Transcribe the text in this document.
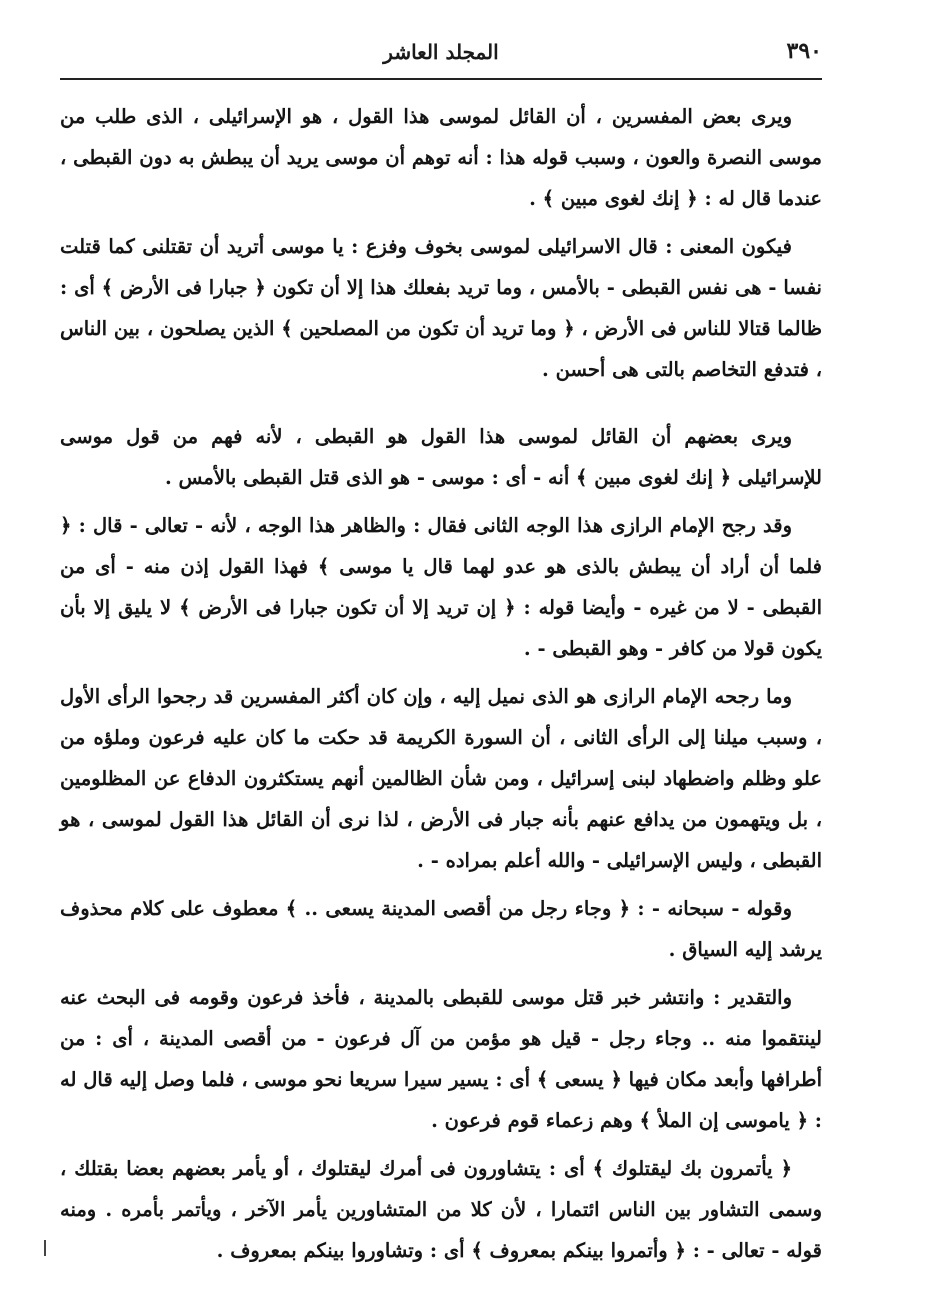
٣٩٠
المجلد العاشر

ويرى بعض المفسرين ، أن القائل لموسى هذا القول ، هو الإسرائيلى ، الذى طلب من موسى النصرة والعون ، وسبب قوله هذا : أنه توهم أن موسى يريد أن يبطش به دون القبطى ، عندما قال له : ﴿ إنك لغوى مبين ﴾ .

فيكون المعنى : قال الاسرائيلى لموسى بخوف وفزع : يا موسى أتريد أن تقتلنى كما قتلت نفسا - هى نفس القبطى - بالأمس ، وما تريد بفعلك هذا إلا أن تكون ﴿ جبارا فى الأرض ﴾ أى : ظالما قتالا للناس فى الأرض ، ﴿ وما تريد أن تكون من المصلحين ﴾ الذين يصلحون ، بين الناس ، فتدفع التخاصم بالتى هى أحسن .

ويرى بعضهم أن القائل لموسى هذا القول هو القبطى ، لأنه فهم من قول موسى للإسرائيلى ﴿ إنك لغوى مبين ﴾ أنه - أى : موسى - هو الذى قتل القبطى بالأمس .

وقد رجح الإمام الرازى هذا الوجه الثانى فقال : والظاهر هذا الوجه ، لأنه - تعالى - قال : ﴿ فلما أن أراد أن يبطش بالذى هو عدو لهما قال يا موسى ﴾ فهذا القول إذن منه - أى من القبطى - لا من غيره - وأيضا قوله : ﴿ إن تريد إلا أن تكون جبارا فى الأرض ﴾ لا يليق إلا بأن يكون قولا من كافر - وهو القبطى - .

وما رجحه الإمام الرازى هو الذى نميل إليه ، وإن كان أكثر المفسرين قد رجحوا الرأى الأول ، وسبب ميلنا إلى الرأى الثانى ، أن السورة الكريمة قد حكت ما كان عليه فرعون وملؤه من علو وظلم واضطهاد لبنى إسرائيل ، ومن شأن الظالمين أنهم يستكثرون الدفاع عن المظلومين ، بل ويتهمون من يدافع عنهم بأنه جبار فى الأرض ، لذا نرى أن القائل هذا القول لموسى ، هو القبطى ، وليس الإسرائيلى - والله أعلم بمراده - .

وقوله - سبحانه - : ﴿ وجاء رجل من أقصى المدينة يسعى .. ﴾ معطوف على كلام محذوف يرشد إليه السياق .

والتقدير : وانتشر خبر قتل موسى للقبطى بالمدينة ، فأخذ فرعون وقومه فى البحث عنه لينتقموا منه .. وجاء رجل - قيل هو مؤمن من آل فرعون - من أقصى المدينة ، أى : من أطرافها وأبعد مكان فيها ﴿ يسعى ﴾ أى : يسير سيرا سريعا نحو موسى ، فلما وصل إليه قال له : ﴿ ياموسى إن الملأ ﴾ وهم زعماء قوم فرعون .

﴿ يأتمرون بك ليقتلوك ﴾ أى : يتشاورون فى أمرك ليقتلوك ، أو يأمر بعضهم بعضا بقتلك ، وسمى التشاور بين الناس ائتمارا ، لأن كلا من المتشاورين يأمر الآخر ، ويأتمر بأمره . ومنه قوله - تعالى - : ﴿ وأتمروا بينكم بمعروف ﴾ أى : وتشاوروا بينكم بمعروف .
